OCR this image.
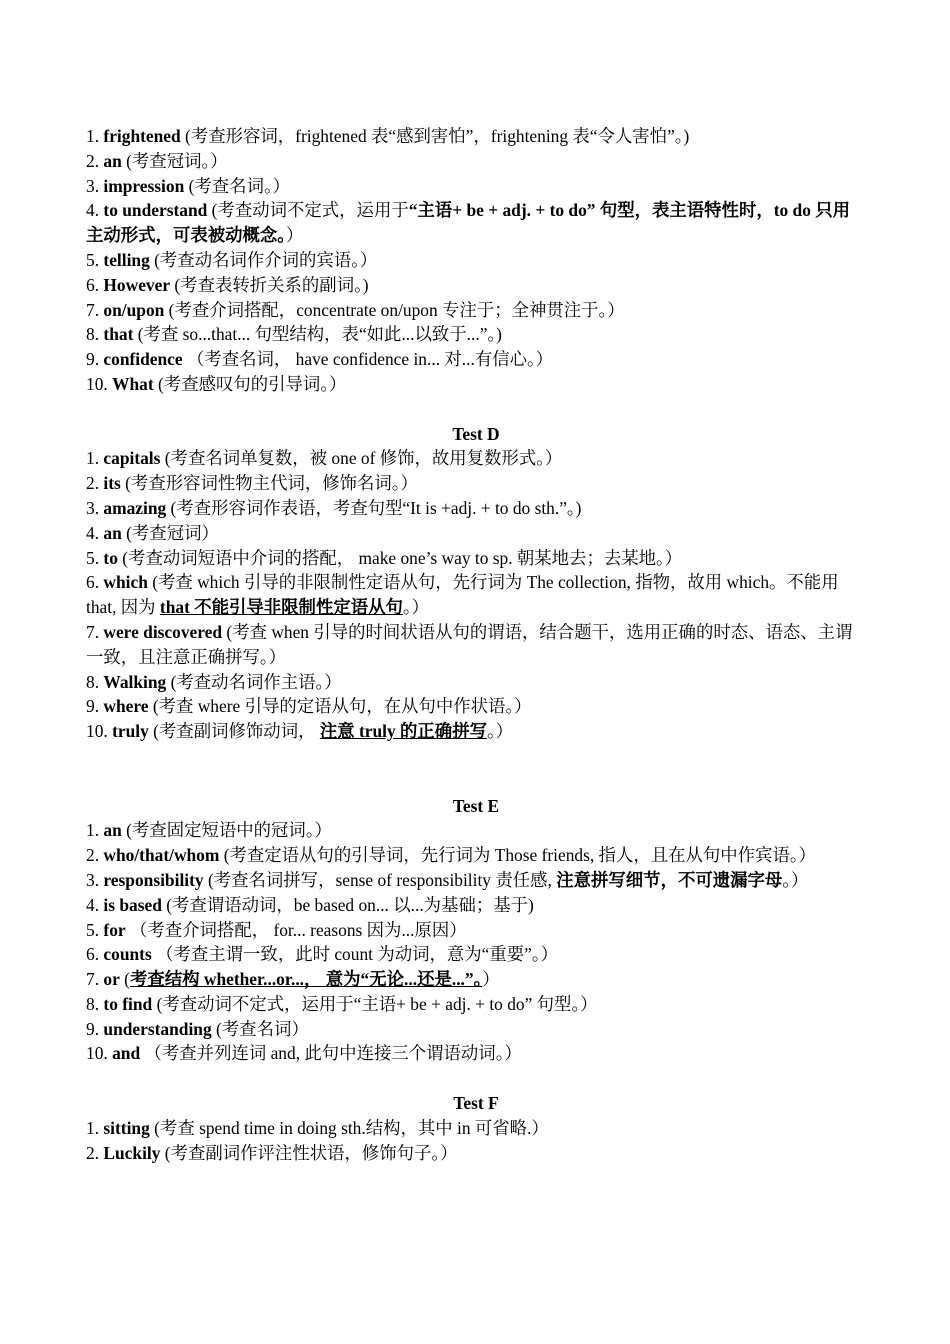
1. frightened (考查形容词，frightened 表“感到害怕”，frightening 表“令人害怕”。)

2. an (考查冠词。）

3. impression (考查名词。）

4. to understand (考查动词不定式，运用于“主语+ be + adj. + to do” 句型，表主语特性时，to do 只用主动形式，可表被动概念。）

5. telling (考查动名词作介词的宾语。）

6. However (考查表转折关系的副词。)

7. on/upon (考查介词搭配，concentrate on/upon 专注于；全神贯注于。）

8. that (考查 so...that... 句型结构，表“如此...以致于...”。)

9. confidence （考查名词， have confidence in... 对...有信心。）

10. What (考查感叹句的引导词。）

Test D

1. capitals (考查名词单复数，被 one of 修饰，故用复数形式。）

2. its (考查形容词性物主代词，修饰名词。）

3. amazing (考查形容词作表语，考查句型“It is +adj. + to do sth.”。)

4. an (考查冠词）

5. to (考查动词短语中介词的搭配， make one’s way to sp. 朝某地去；去某地。）

6. which (考查 which 引导的非限制性定语从句，先行词为 The collection, 指物，故用 which。不能用 that, 因为 that 不能引导非限制性定语从句。）

7. were discovered (考查 when 引导的时间状语从句的谓语，结合题干，选用正确的时态、语态、主谓一致，且注意正确拼写。）

8. Walking (考查动名词作主语。）

9. where (考查 where 引导的定语从句，在从句中作状语。）

10. truly (考查副词修饰动词， 注意 truly 的正确拼写。）

Test E

1. an (考查固定短语中的冠词。）

2. who/that/whom (考查定语从句的引导词，先行词为 Those friends, 指人，且在从句中作宾语。）

3. responsibility (考查名词拼写，sense of responsibility 责任感, 注意拼写细节，不可遗漏字母。）

4. is based (考查谓语动词，be based on... 以...为基础；基于)

5. for （考查介词搭配， for... reasons 因为...原因）

6. counts （考查主谓一致，此时 count 为动词，意为“重要”。）

7. or (考查结构 whether...or...， 意为“无论...还是...”。）

8. to find (考查动词不定式，运用于“主语+ be + adj. + to do” 句型。）

9. understanding (考查名词）

10. and （考查并列连词 and, 此句中连接三个谓语动词。）

Test F

1. sitting (考查 spend time in doing sth.结构，其中 in 可省略.）

2. Luckily (考查副词作评注性状语，修饰句子。）
